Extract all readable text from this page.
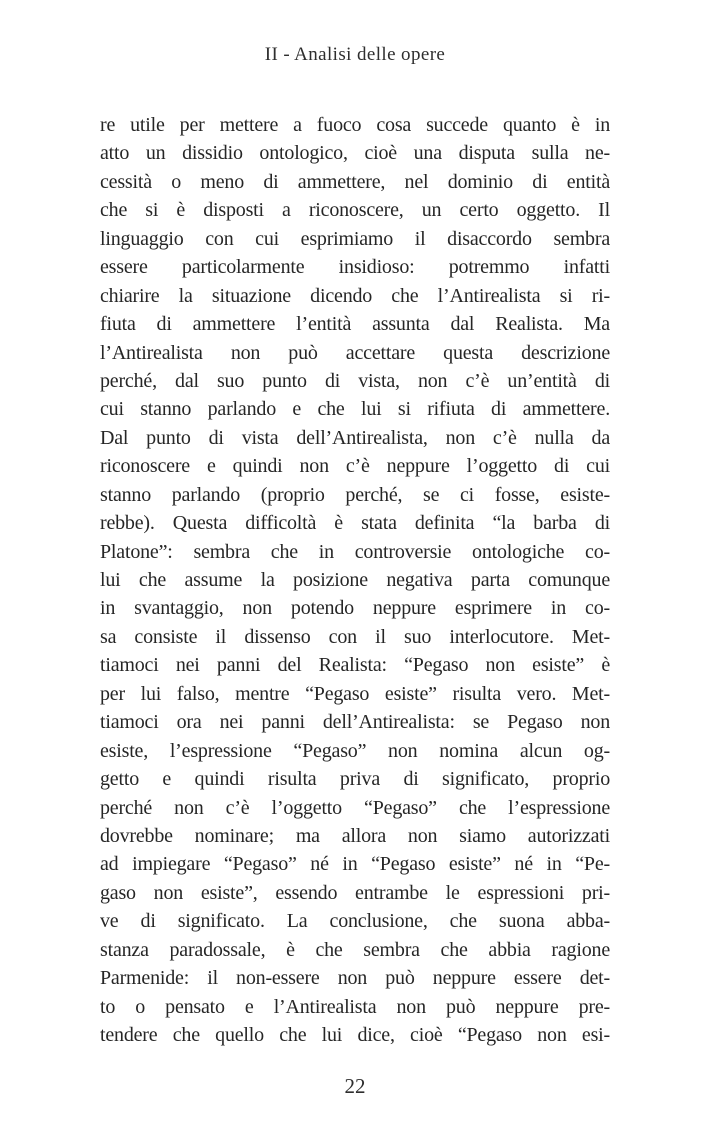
II - Analisi delle opere
re utile per mettere a fuoco cosa succede quanto è in
atto un dissidio ontologico, cioè una disputa sulla ne-
cessità o meno di ammettere, nel dominio di entità
che si è disposti a riconoscere, un certo oggetto. Il
linguaggio con cui esprimiamo il disaccordo sembra
essere particolarmente insidioso: potremmo infatti
chiarire la situazione dicendo che l’Antirealista si ri-
fiuta di ammettere l’entità assunta dal Realista. Ma
l’Antirealista non può accettare questa descrizione
perché, dal suo punto di vista, non c’è un’entità di
cui stanno parlando e che lui si rifiuta di ammettere.
Dal punto di vista dell’Antirealista, non c’è nulla da
riconoscere e quindi non c’è neppure l’oggetto di cui
stanno parlando (proprio perché, se ci fosse, esiste-
rebbe). Questa difficoltà è stata definita “la barba di
Platone”: sembra che in controversie ontologiche co-
lui che assume la posizione negativa parta comunque
in svantaggio, non potendo neppure esprimere in co-
sa consiste il dissenso con il suo interlocutore. Met-
tiamoci nei panni del Realista: “Pegaso non esiste” è
per lui falso, mentre “Pegaso esiste” risulta vero. Met-
tiamoci ora nei panni dell’Antirealista: se Pegaso non
esiste, l’espressione “Pegaso” non nomina alcun og-
getto e quindi risulta priva di significato, proprio
perché non c’è l’oggetto “Pegaso” che l’espressione
dovrebbe nominare; ma allora non siamo autorizzati
ad impiegare “Pegaso” né in “Pegaso esiste” né in “Pe-
gaso non esiste”, essendo entrambe le espressioni pri-
ve di significato. La conclusione, che suona abba-
stanza paradossale, è che sembra che abbia ragione
Parmenide: il non-essere non può neppure essere det-
to o pensato e l’Antirealista non può neppure pre-
tendere che quello che lui dice, cioè “Pegaso non esi-
22
